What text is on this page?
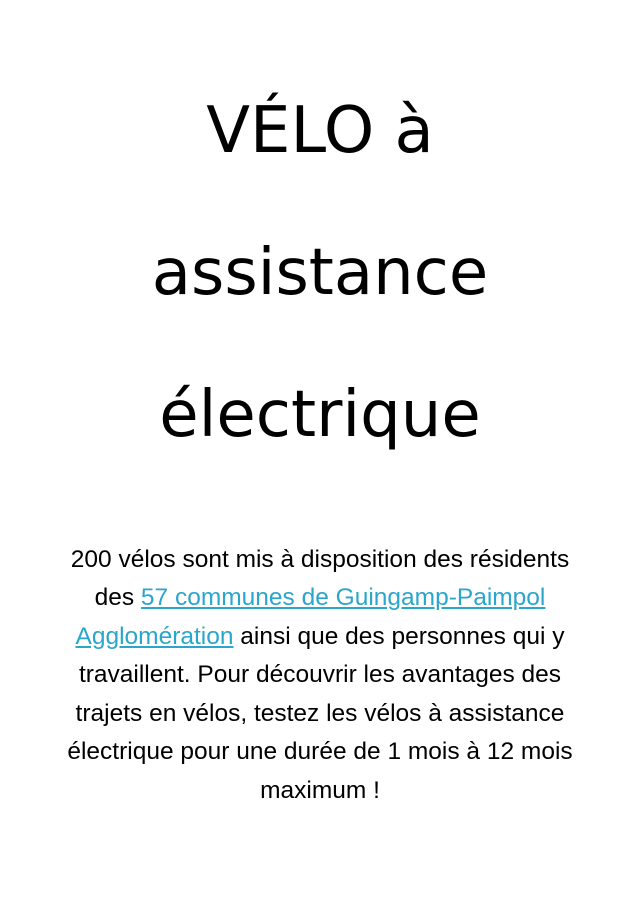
VÉLO à
assistance
électrique

200 vélos sont mis à disposition des résidents des 57 communes de Guingamp-Paimpol Agglomération ainsi que des personnes qui y travaillent. Pour découvrir les avantages des trajets en vélos, testez les vélos à assistance électrique pour une durée de 1 mois à 12 mois maximum !
